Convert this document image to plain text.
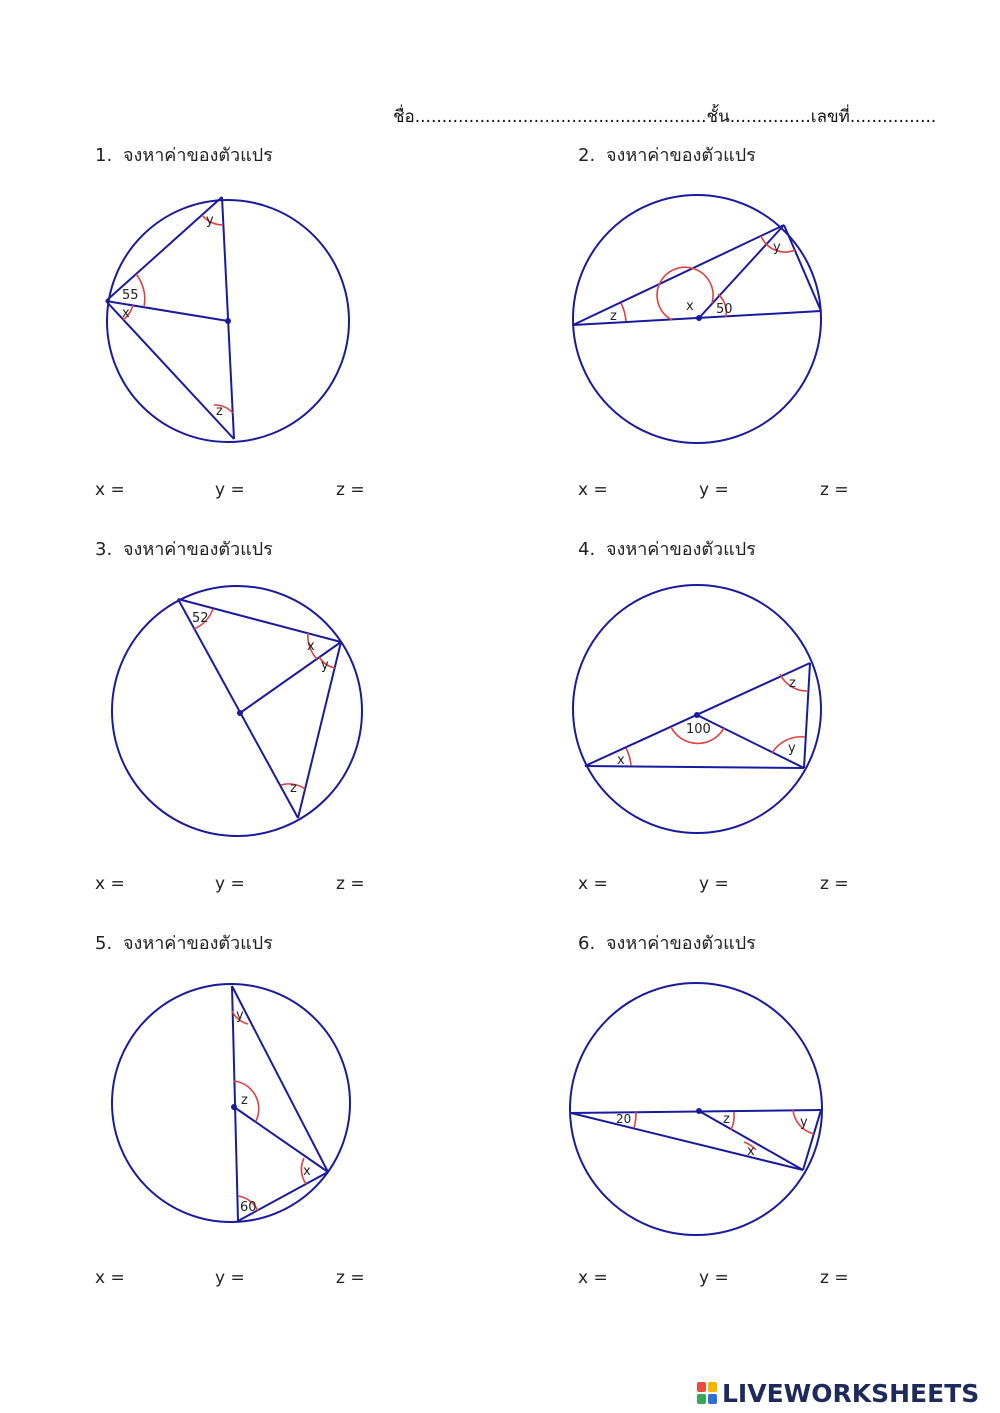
ชื่อ......................................................ชั้น...............เลขที่................
1. จงหาค่าของตัวแปร
55
x
y
z
x =	y =	z =
2. จงหาค่าของตัวแปร
50
x
y
z
x =	y =	z =
3. จงหาค่าของตัวแปร
52
x
y
z
x =	y =	z =
4. จงหาค่าของตัวแปร
100
x
y
z
x =	y =	z =
5. จงหาค่าของตัวแปร
y
z
x
60
x =	y =	z =
6. จงหาค่าของตัวแปร
20	z
x
y
x =	y =	z =
LIVEWORKSHEETS
